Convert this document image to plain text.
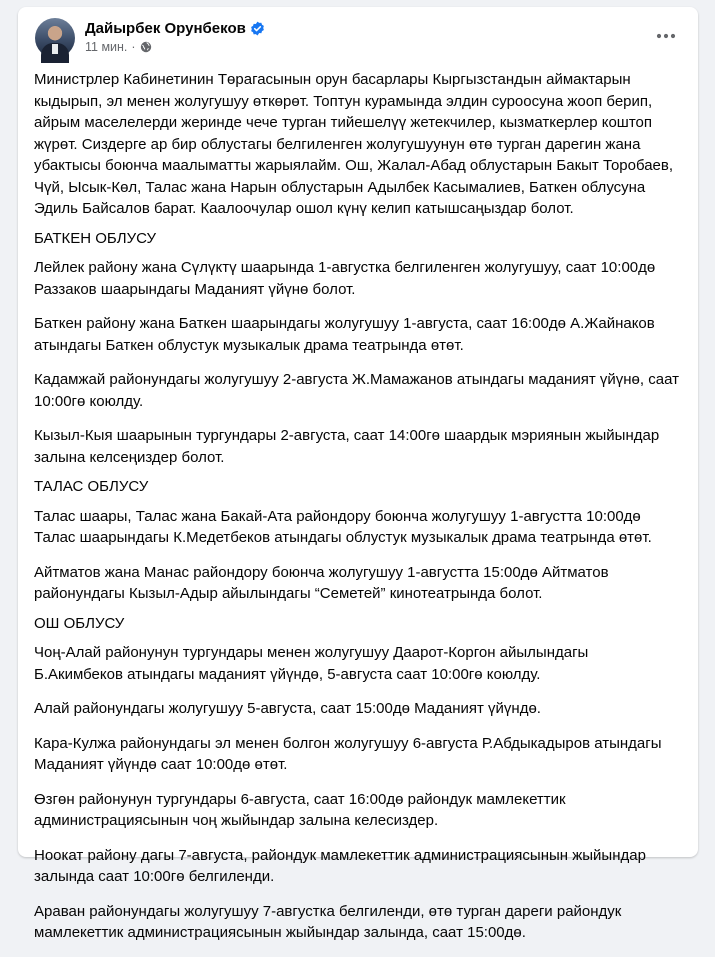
Дайырбек Орунбеков
11 мин. ·

Министрлер Кабинетинин Төрагасынын орун басарлары Кыргызстандын аймактарын кыдырып, эл менен жолугушуу өткөрөт. Топтун курамында элдин суроосуна жооп берип, айрым маселелерди жеринде чече турган тийешелүү жетекчилер, кызматкерлер коштоп жүрөт. Сиздерге ар бир облустагы белгиленген жолугушуунун өтө турган дарегин жана убактысы боюнча маалыматты жарыялайм. Ош, Жалал-Абад облустарын Бакыт Торобаев, Чүй, Ысык-Көл, Талас жана Нарын облустарын Адылбек Касымалиев, Баткен облусуна Эдиль Байсалов барат. Каалоочулар ошол күнү келип катышсаңыздар болот.

БАТКЕН ОБЛУСУ

Лейлек району жана Сүлүктү шаарында 1-августка белгиленген жолугушуу, саат 10:00дө Раззаков шаарындагы Маданият үйүнө болот.

Баткен району жана Баткен шаарындагы жолугушуу 1-августа, саат 16:00дө А.Жайнаков атындагы Баткен облустук музыкалык драма театрында өтөт.

Кадамжай районундагы жолугушуу 2-августа Ж.Мамажанов атындагы маданият үйүнө, саат 10:00гө коюлду.

Кызыл-Кыя шаарынын тургундары 2-августа, саат 14:00гө шаардык мэриянын жыйындар залына келсеңиздер болот.

ТАЛАС ОБЛУСУ

Талас шаары, Талас жана Бакай-Ата райондору боюнча жолугушуу 1-августта 10:00дө Талас шаарындагы К.Медетбеков атындагы облустук музыкалык драма театрында өтөт.

Айтматов жана Манас райондору боюнча жолугушуу 1-августта 15:00дө Айтматов районундагы Кызыл-Адыр айылындагы “Семетей” кинотеатрында болот.

ОШ ОБЛУСУ

Чоң-Алай районунун тургундары менен жолугушуу Даарот-Коргон айылындагы Б.Акимбеков атындагы маданият үйүндө, 5-августа саат 10:00гө коюлду.

Алай районундагы жолугушуу 5-августа, саат 15:00дө Маданият үйүндө.

Кара-Кулжа районундагы эл менен болгон жолугушуу 6-августа Р.Абдыкадыров атындагы Маданият үйүндө саат 10:00дө өтөт.

Өзгөн районунун тургундары 6-августа, саат 16:00дө райондук мамлекеттик администрациясынын чоң жыйындар залына келесиздер.

Ноокат району дагы 7-августа, райондук мамлекеттик администрациясынын жыйындар залында саат 10:00гө белгиленди.

Араван районундагы жолугушуу 7-августка белгиленди, өтө турган дареги райондук мамлекеттик администрациясынын жыйындар залында, саат 15:00дө.
